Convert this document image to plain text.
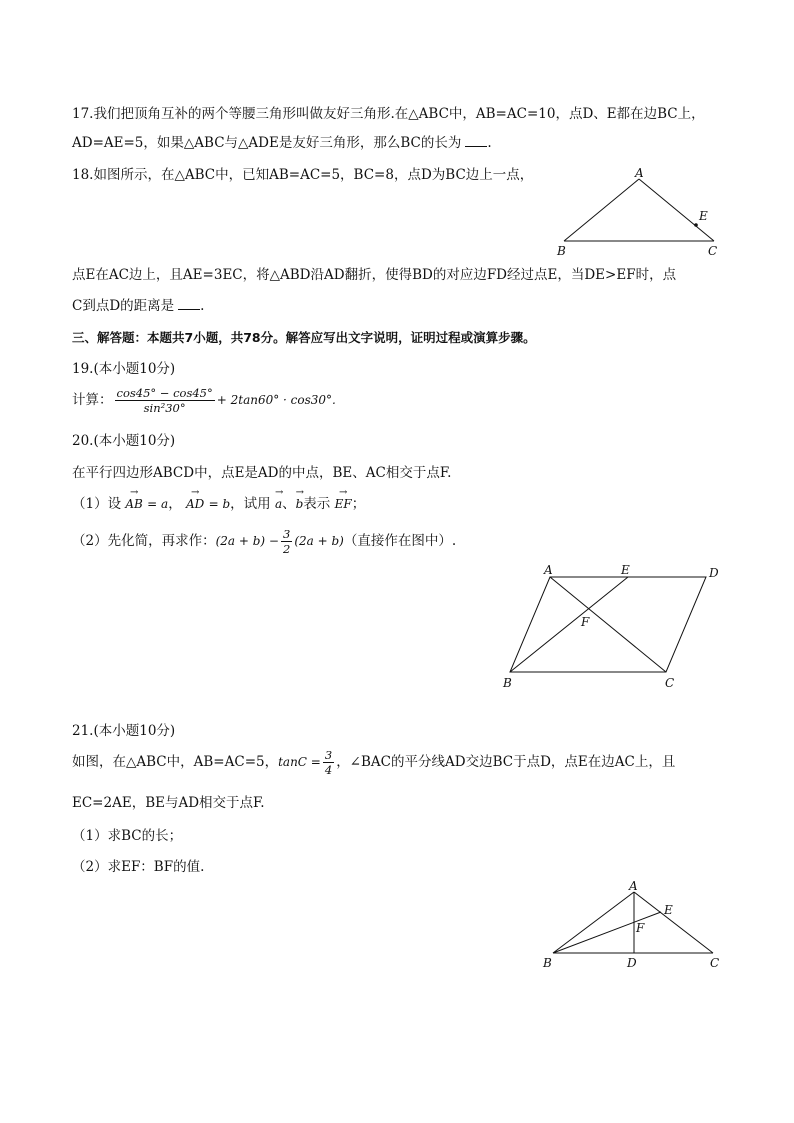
17.我们把顶角互补的两个等腰三角形叫做友好三角形.在△ABC中，AB=AC=10，点D、E都在边BC上，
AD=AE=5，如果△ABC与△ADE是友好三角形，那么BC的长为 .
18.如图所示，在△ABC中，已知AB=AC=5，BC=8，点D为BC边上一点，	A
B	C
E
点E在AC边上，且AE=3EC，将△ABD沿AD翻折，使得BD的对应边FD经过点E，当DE>EF时，点
C到点D的距离是 .
三、解答题：本题共7小题，共78分。解答应写出文字说明，证明过程或演算步骤。
19.(本小题10分)
计算： $\frac{\cos 45^\circ - \cos 45^\circ}{\text{sin²30°}} + 2\tan 60^\circ \cdot \cos 30^\circ$.
20.(本小题10分)
在平行四边形ABCD中，点E是AD的中点，BE、AC相交于点F.
（1）设 → AB = a， → AD = b，试用 → a、→ b表示 → EF；
（2）先化简，再求作：$(2a + b) - \frac{3}{2} (2a + b)$（直接作在图中）.
A	E	D
F
B	C
21.(本小题10分)
如图，在△ABC中，AB=AC=5，$\tan C = \frac{3}{4}$ ，∠BAC的平分线AD交边BC于点D，点E在边AC上，且
EC=2AE，BE与AD相交于点F.
（1）求BC的长；
（2）求EF：BF的值.
A
E
F
B	D	C
